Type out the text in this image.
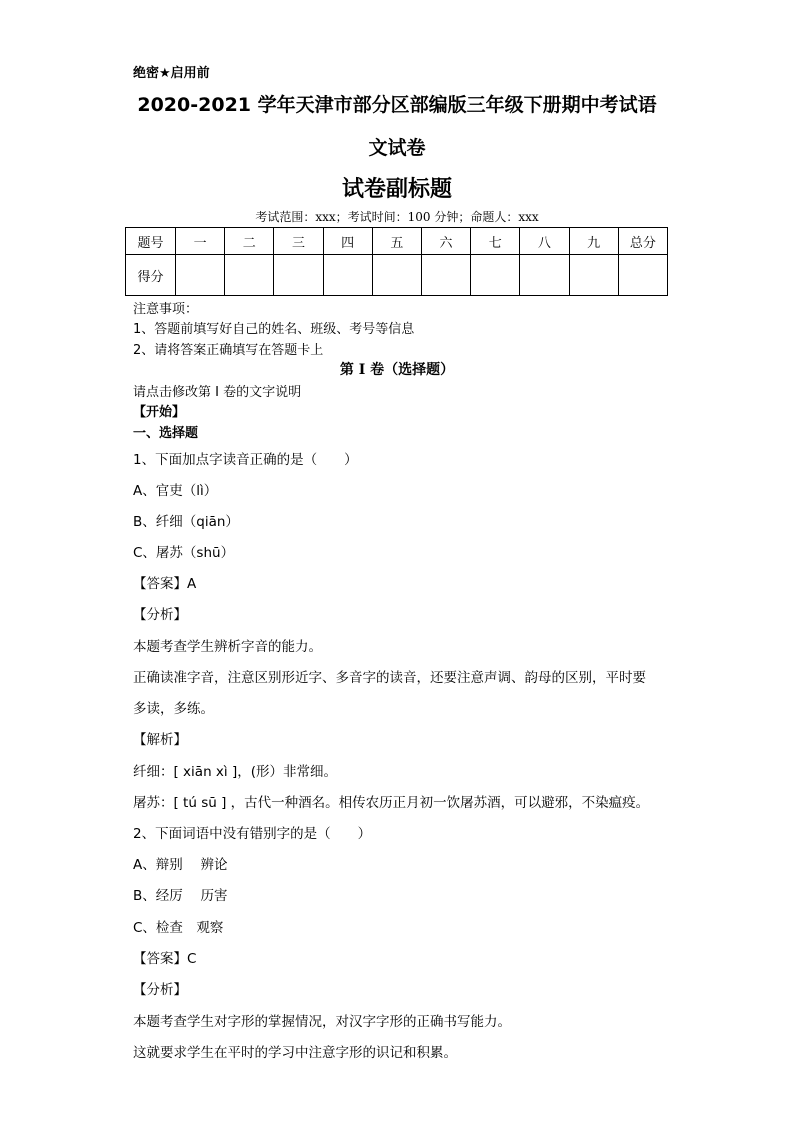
绝密★启用前
2020-2021 学年天津市部分区部编版三年级下册期中考试语
文试卷
试卷副标题
考试范围：xxx；考试时间：100 分钟；命题人：xxx
题号	一	二	三	四	五	六	七	八	九	总分
得分										
注意事项：
1、答题前填写好自己的姓名、班级、考号等信息
2、请将答案正确填写在答题卡上
第 I 卷（选择题）
请点击修改第 I 卷的文字说明
【开始】
一、选择题
1、下面加点字读音正确的是（　　）
A、官吏（lì）
B、纤细（qiān）
C、屠苏（shū）
【答案】A
【分析】
本题考查学生辨析字音的能力。
正确读准字音，注意区别形近字、多音字的读音，还要注意声调、韵母的区别，平时要
多读，多练。
【解析】
纤细：[ xiān xì ]，(形）非常细。
屠苏：[ tú sū ] ，古代一种酒名。相传农历正月初一饮屠苏酒，可以避邪，不染瘟疫。
2、下面词语中没有错别字的是（　　）
A、辩别　 辨论
B、经厉　 历害
C、检查　观察
【答案】C
【分析】
本题考查学生对字形的掌握情况，对汉字字形的正确书写能力。
这就要求学生在平时的学习中注意字形的识记和积累。
